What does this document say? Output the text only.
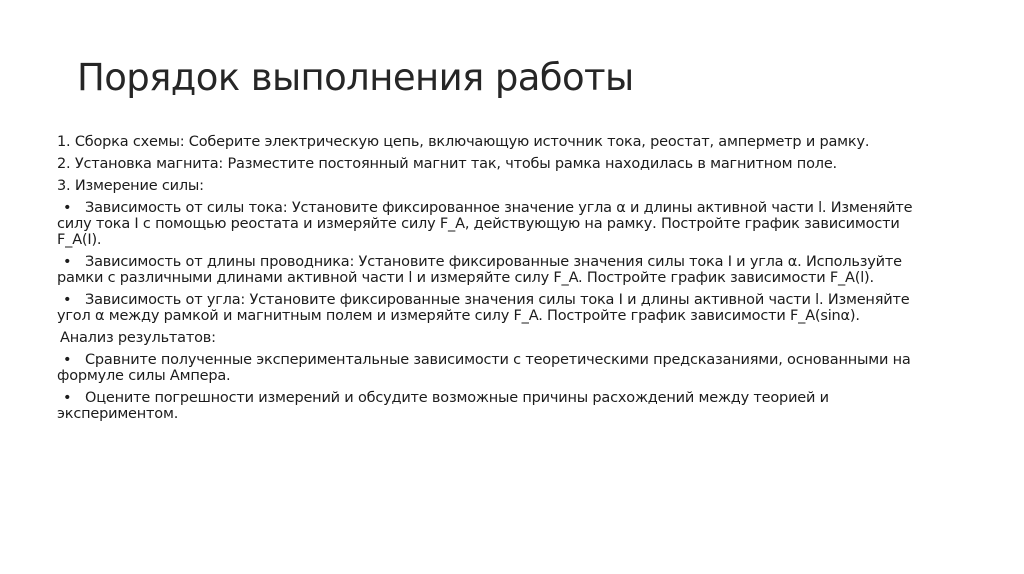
Порядок выполнения работы

1. Сборка схемы: Соберите электрическую цепь, включающую источник тока, реостат, амперметр и рамку.

2. Установка магнита: Разместите постоянный магнит так, чтобы рамка находилась в магнитном поле.

3. Измерение силы:

• Зависимость от силы тока: Установите фиксированное значение угла α и длины активной части l. Изменяйте силу тока I с помощью реостата и измеряйте силу F_A, действующую на рамку. Постройте график зависимости F_A(I).

• Зависимость от длины проводника: Установите фиксированные значения силы тока I и угла α. Используйте рамки с различными длинами активной части l и измеряйте силу F_A. Постройте график зависимости F_A(l).

• Зависимость от угла: Установите фиксированные значения силы тока I и длины активной части l. Изменяйте угол α между рамкой и магнитным полем и измеряйте силу F_A. Постройте график зависимости F_A(sinα).

Анализ результатов:

• Сравните полученные экспериментальные зависимости с теоретическими предсказаниями, основанными на формуле силы Ампера.

• Оцените погрешности измерений и обсудите возможные причины расхождений между теорией и экспериментом.
